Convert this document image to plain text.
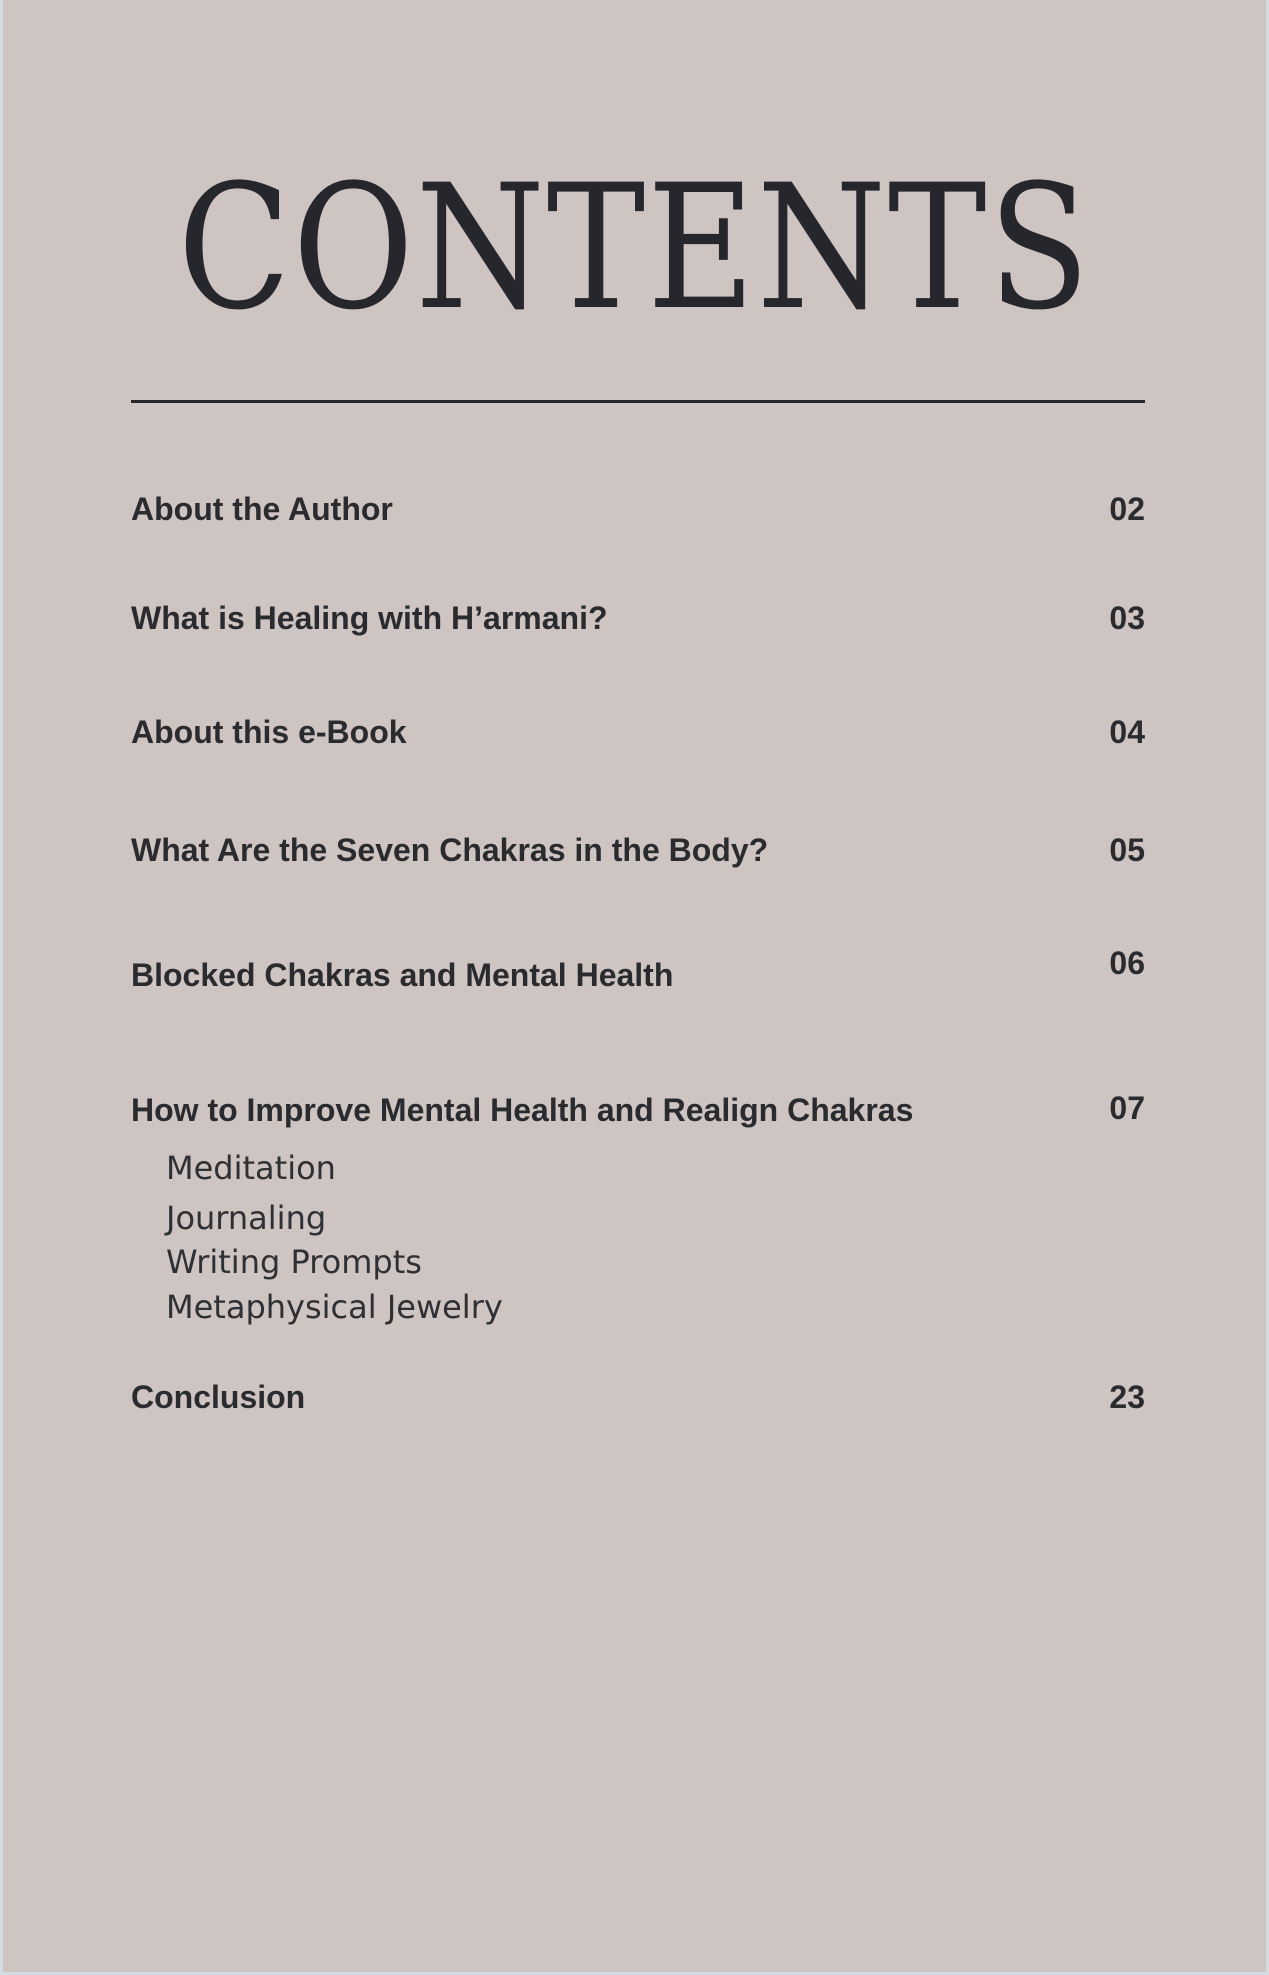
CONTENTS
About the Author	02
What is Healing with H’armani?	03
About this e-Book	04
What Are the Seven Chakras in the Body?	05
Blocked Chakras and Mental Health	06
How to Improve Mental Health and Realign Chakras	07
Meditation
Journaling
Writing Prompts
Metaphysical Jewelry
Conclusion	23
